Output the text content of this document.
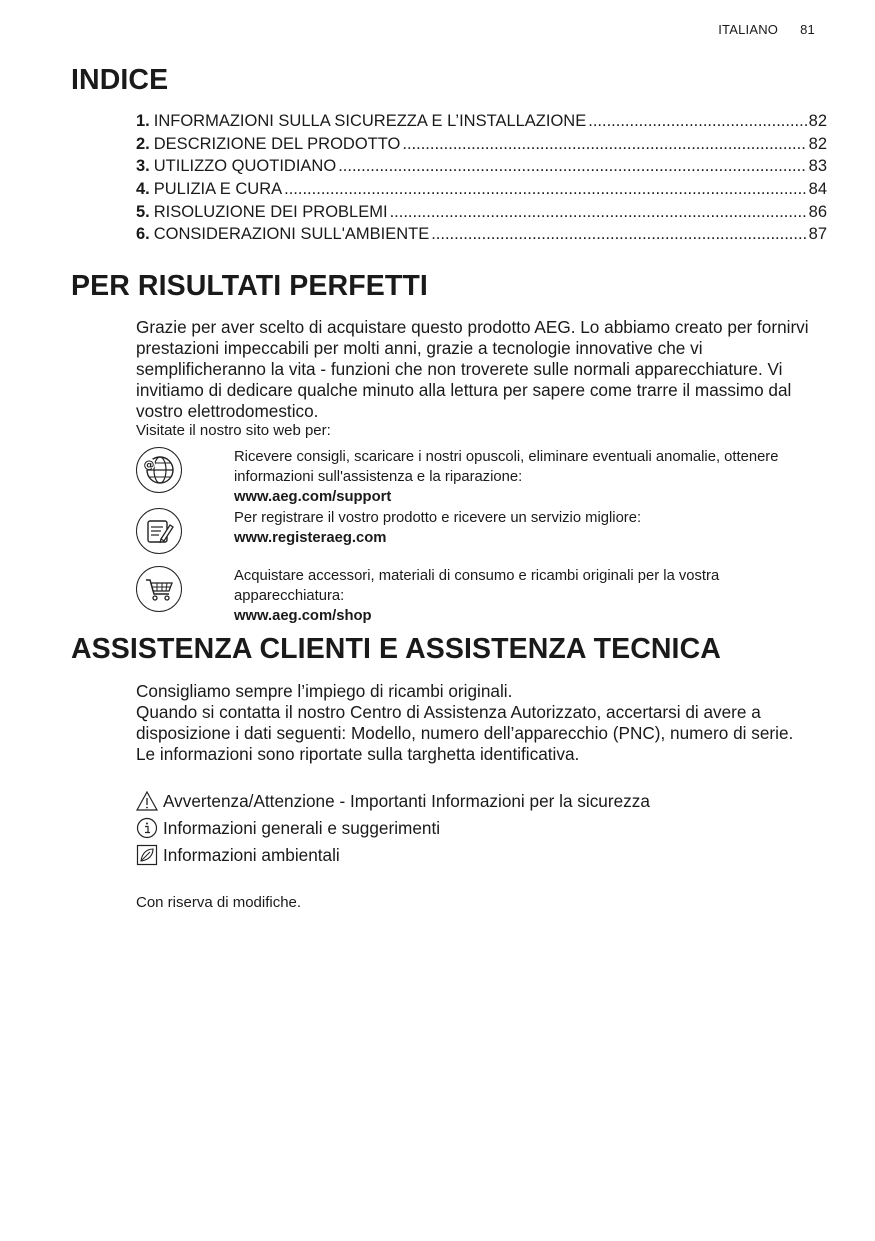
ITALIANO 81
INDICE
1. INFORMAZIONI SULLA SICUREZZA E L’INSTALLAZIONE .....	82
2. DESCRIZIONE DEL PRODOTTO .....	82
3. UTILIZZO QUOTIDIANO .....	83
4. PULIZIA E CURA .....	84
5. RISOLUZIONE DEI PROBLEMI .....	86
6. CONSIDERAZIONI SULL'AMBIENTE .....	87
PER RISULTATI PERFETTI

Grazie per aver scelto di acquistare questo prodotto AEG. Lo abbiamo creato per fornirvi prestazioni impeccabili per molti anni, grazie a tecnologie innovative che vi semplificheranno la vita - funzioni che non troverete sulle normali apparecchiature. Vi invitiamo di dedicare qualche minuto alla lettura per sapere come trarre il massimo dal vostro elettrodomestico.

Visitate il nostro sito web per:

@	Ricevere consigli, scaricare i nostri opuscoli, eliminare eventuali anomalie, ottenere informazioni sull'assistenza e la riparazione:
www.aeg.com/support
Per registrare il vostro prodotto e ricevere un servizio migliore:
www.registeraeg.com
Acquistare accessori, materiali di consumo e ricambi originali per la vostra apparecchiatura:
www.aeg.com/shop
ASSISTENZA CLIENTI E ASSISTENZA TECNICA
Consigliamo sempre l’impiego di ricambi originali.
Quando si contatta il nostro Centro di Assistenza Autorizzato, accertarsi di avere a disposizione i dati seguenti: Modello, numero dell’apparecchio (PNC), numero di serie.
Le informazioni sono riportate sulla targhetta identificativa.
Avvertenza/Attenzione - Importanti Informazioni per la sicurezza
Informazioni generali e suggerimenti
Informazioni ambientali

Con riserva di modifiche.
